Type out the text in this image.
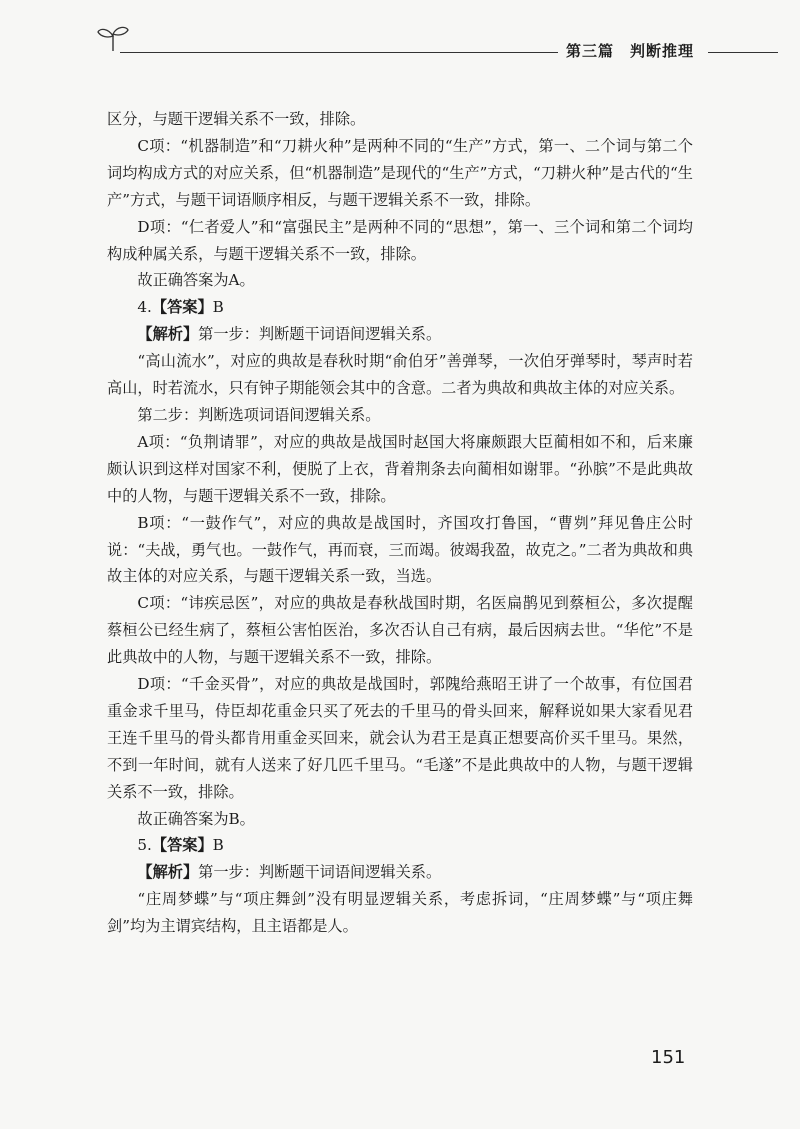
第三篇　判断推理

区分，与题干逻辑关系不一致，排除。

C项：“机器制造”和“刀耕火种”是两种不同的“生产”方式，第一、二个词与第二个词均构成方式的对应关系，但“机器制造”是现代的“生产”方式，“刀耕火种”是古代的“生产”方式，与题干词语顺序相反，与题干逻辑关系不一致，排除。

D项：“仁者爱人”和“富强民主”是两种不同的“思想”，第一、三个词和第二个词均构成种属关系，与题干逻辑关系不一致，排除。

故正确答案为A。

4.【答案】B

【解析】第一步：判断题干词语间逻辑关系。

“高山流水”，对应的典故是春秋时期“俞伯牙”善弹琴，一次伯牙弹琴时，琴声时若高山，时若流水，只有钟子期能领会其中的含意。二者为典故和典故主体的对应关系。

第二步：判断选项词语间逻辑关系。

A项：“负荆请罪”，对应的典故是战国时赵国大将廉颇跟大臣蔺相如不和，后来廉颇认识到这样对国家不利，便脱了上衣，背着荆条去向蔺相如谢罪。“孙膑”不是此典故中的人物，与题干逻辑关系不一致，排除。

B项：“一鼓作气”，对应的典故是战国时，齐国攻打鲁国，“曹刿”拜见鲁庄公时说：“夫战，勇气也。一鼓作气，再而衰，三而竭。彼竭我盈，故克之。”二者为典故和典故主体的对应关系，与题干逻辑关系一致，当选。

C项：“讳疾忌医”，对应的典故是春秋战国时期，名医扁鹊见到蔡桓公，多次提醒蔡桓公已经生病了，蔡桓公害怕医治，多次否认自己有病，最后因病去世。“华佗”不是此典故中的人物，与题干逻辑关系不一致，排除。

D项：“千金买骨”，对应的典故是战国时，郭隗给燕昭王讲了一个故事，有位国君重金求千里马，侍臣却花重金只买了死去的千里马的骨头回来，解释说如果大家看见君王连千里马的骨头都肯用重金买回来，就会认为君王是真正想要高价买千里马。果然，不到一年时间，就有人送来了好几匹千里马。“毛遂”不是此典故中的人物，与题干逻辑关系不一致，排除。

故正确答案为B。

5.【答案】B

【解析】第一步：判断题干词语间逻辑关系。

“庄周梦蝶”与“项庄舞剑”没有明显逻辑关系，考虑拆词，“庄周梦蝶”与“项庄舞剑”均为主谓宾结构，且主语都是人。

151
